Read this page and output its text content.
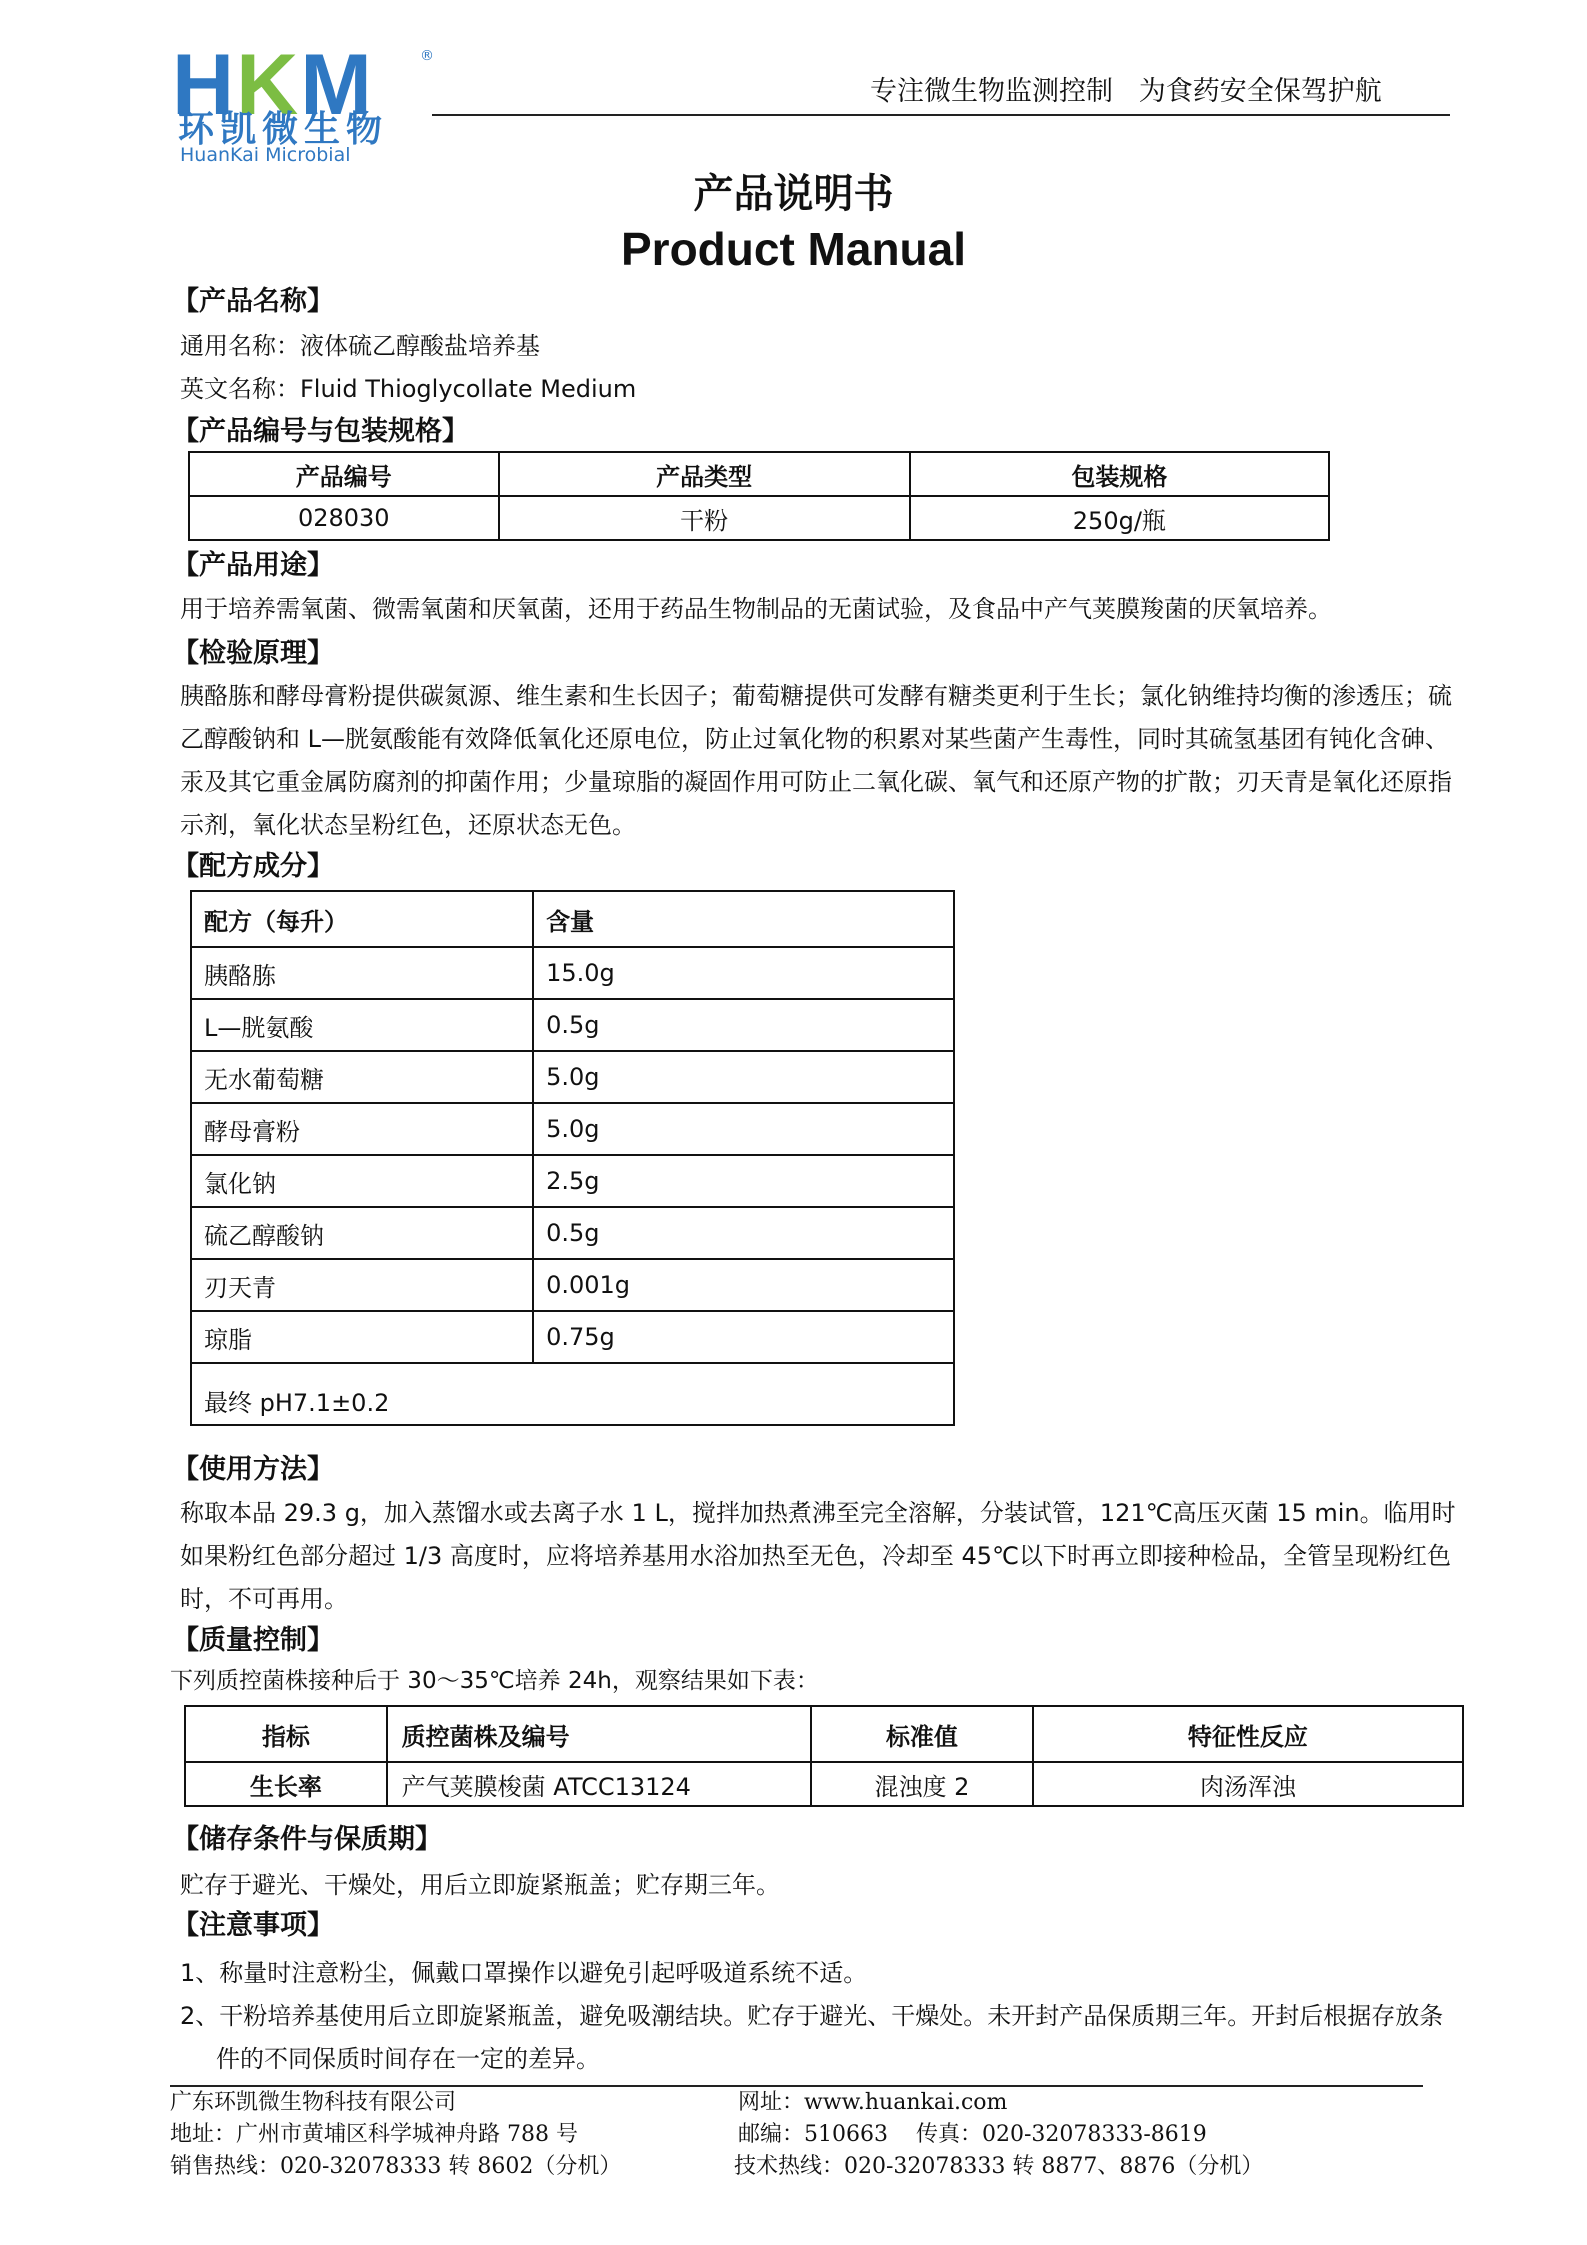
HKM	®
环凯微生物
HuanKai Microbial
专注微生物监测控制   为食药安全保驾护航
产品说明书
Product Manual
【产品名称】
通用名称：液体硫乙醇酸盐培养基
英文名称：Fluid Thioglycollate Medium
【产品编号与包装规格】
产品编号	产品类型	包装规格
028030	干粉	250g/瓶
【产品用途】
用于培养需氧菌、微需氧菌和厌氧菌，还用于药品生物制品的无菌试验，及食品中产气荚膜羧菌的厌氧培养。
【检验原理】
胰酪胨和酵母膏粉提供碳氮源、维生素和生长因子；葡萄糖提供可发酵有糖类更利于生长；氯化钠维持均衡的渗透压；硫
乙醇酸钠和 L—胱氨酸能有效降低氧化还原电位，防止过氧化物的积累对某些菌产生毒性，同时其硫氢基团有钝化含砷、
汞及其它重金属防腐剂的抑菌作用；少量琼脂的凝固作用可防止二氧化碳、氧气和还原产物的扩散；刃天青是氧化还原指
示剂，氧化状态呈粉红色，还原状态无色。
【配方成分】
配方（每升）	含量
胰酪胨	15.0g
L—胱氨酸	0.5g
无水葡萄糖	5.0g
酵母膏粉	5.0g
氯化钠	2.5g
硫乙醇酸钠	0.5g
刃天青	0.001g
琼脂	0.75g
最终 pH7.1±0.2	
【使用方法】
称取本品 29.3 g，加入蒸馏水或去离子水 1 L，搅拌加热煮沸至完全溶解，分装试管，121℃高压灭菌 15 min。临用时
如果粉红色部分超过 1/3 高度时，应将培养基用水浴加热至无色，冷却至 45℃以下时再立即接种检品，全管呈现粉红色
时，不可再用。
【质量控制】
下列质控菌株接种后于 30～35℃培养 24h，观察结果如下表：
指标	质控菌株及编号	标准值	特征性反应
生长率	产气荚膜梭菌 ATCC13124	混浊度 2	肉汤浑浊
【储存条件与保质期】
贮存于避光、干燥处，用后立即旋紧瓶盖；贮存期三年。
【注意事项】
1、称量时注意粉尘，佩戴口罩操作以避免引起呼吸道系统不适。
2、干粉培养基使用后立即旋紧瓶盖，避免吸潮结块。贮存于避光、干燥处。未开封产品保质期三年。开封后根据存放条
件的不同保质时间存在一定的差异。
广东环凯微生物科技有限公司	网址：www.huankai.com
地址：广州市黄埔区科学城神舟路 788 号	邮编：510663    传真：020-32078333-8619
销售热线：020-32078333 转 8602（分机）	技术热线：020-32078333 转 8877、8876（分机）
